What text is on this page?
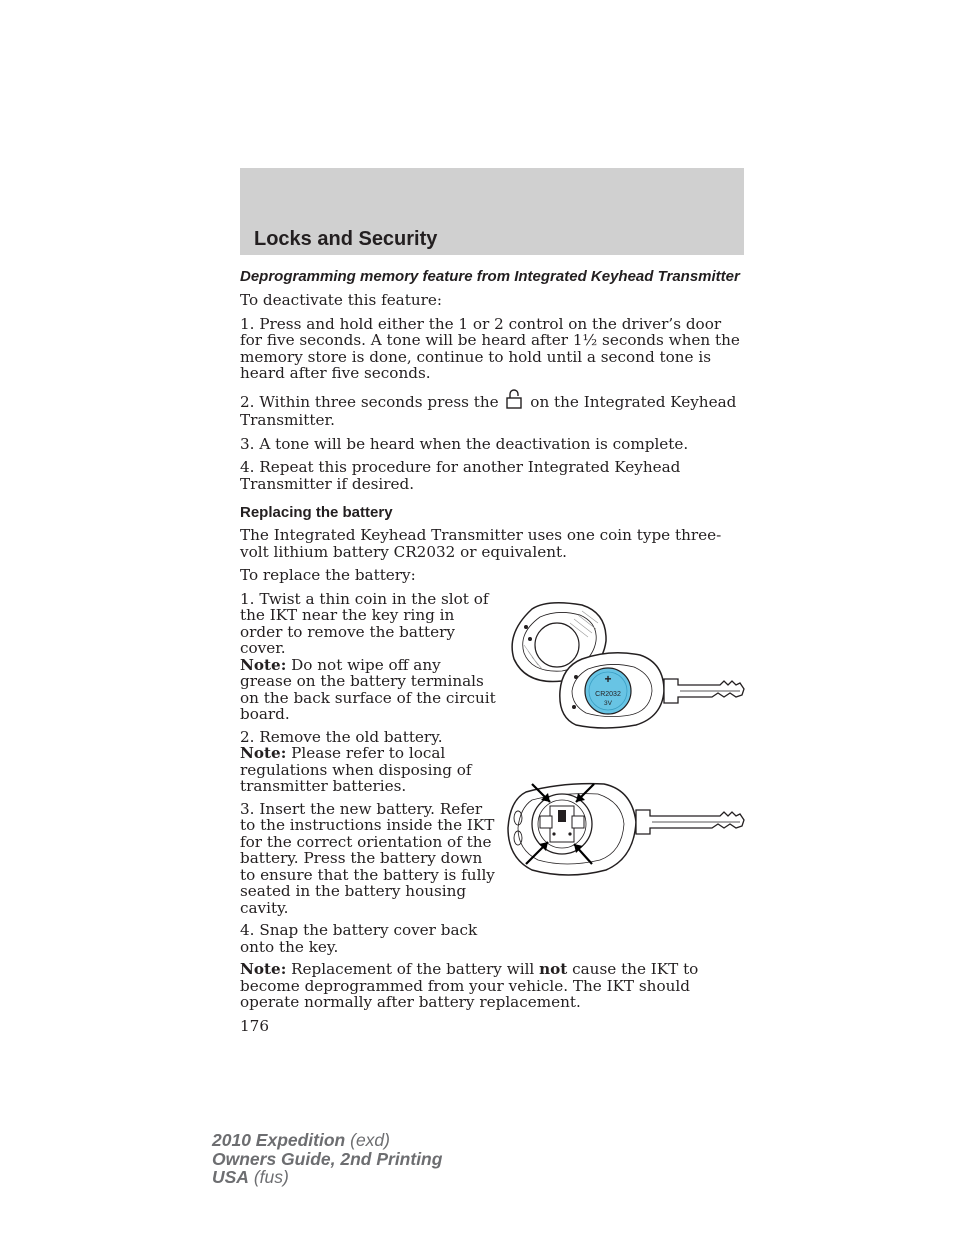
Locks and Security
Deprogramming memory feature from Integrated Keyhead Transmitter

To deactivate this feature:

1. Press and hold either the 1 or 2 control on the driver’s door for five seconds. A tone will be heard after 1½ seconds when the memory store is done, continue to hold until a second tone is heard after five seconds.

2. Within three seconds press the on the Integrated Keyhead Transmitter.

3. A tone will be heard when the deactivation is complete.

4. Repeat this procedure for another Integrated Keyhead Transmitter if desired.

Replacing the battery

The Integrated Keyhead Transmitter uses one coin type three-volt lithium battery CR2032 or equivalent.

To replace the battery:

1. Twist a thin coin in the slot of the IKT near the key ring in order to remove the battery cover.
Note: Do not wipe off any grease on the battery terminals on the back surface of the circuit board.

2. Remove the old battery.
Note: Please refer to local regulations when disposing of transmitter batteries.

3. Insert the new battery. Refer to the instructions inside the IKT for the correct orientation of the battery. Press the battery down to ensure that the battery is fully seated in the battery housing cavity.

4. Snap the battery cover back onto the key.

+
CR2032
3V

Note: Replacement of the battery will not cause the IKT to become deprogrammed from your vehicle. The IKT should operate normally after battery replacement.

176

2010 Expedition (exd)
Owners Guide, 2nd Printing
USA (fus)
